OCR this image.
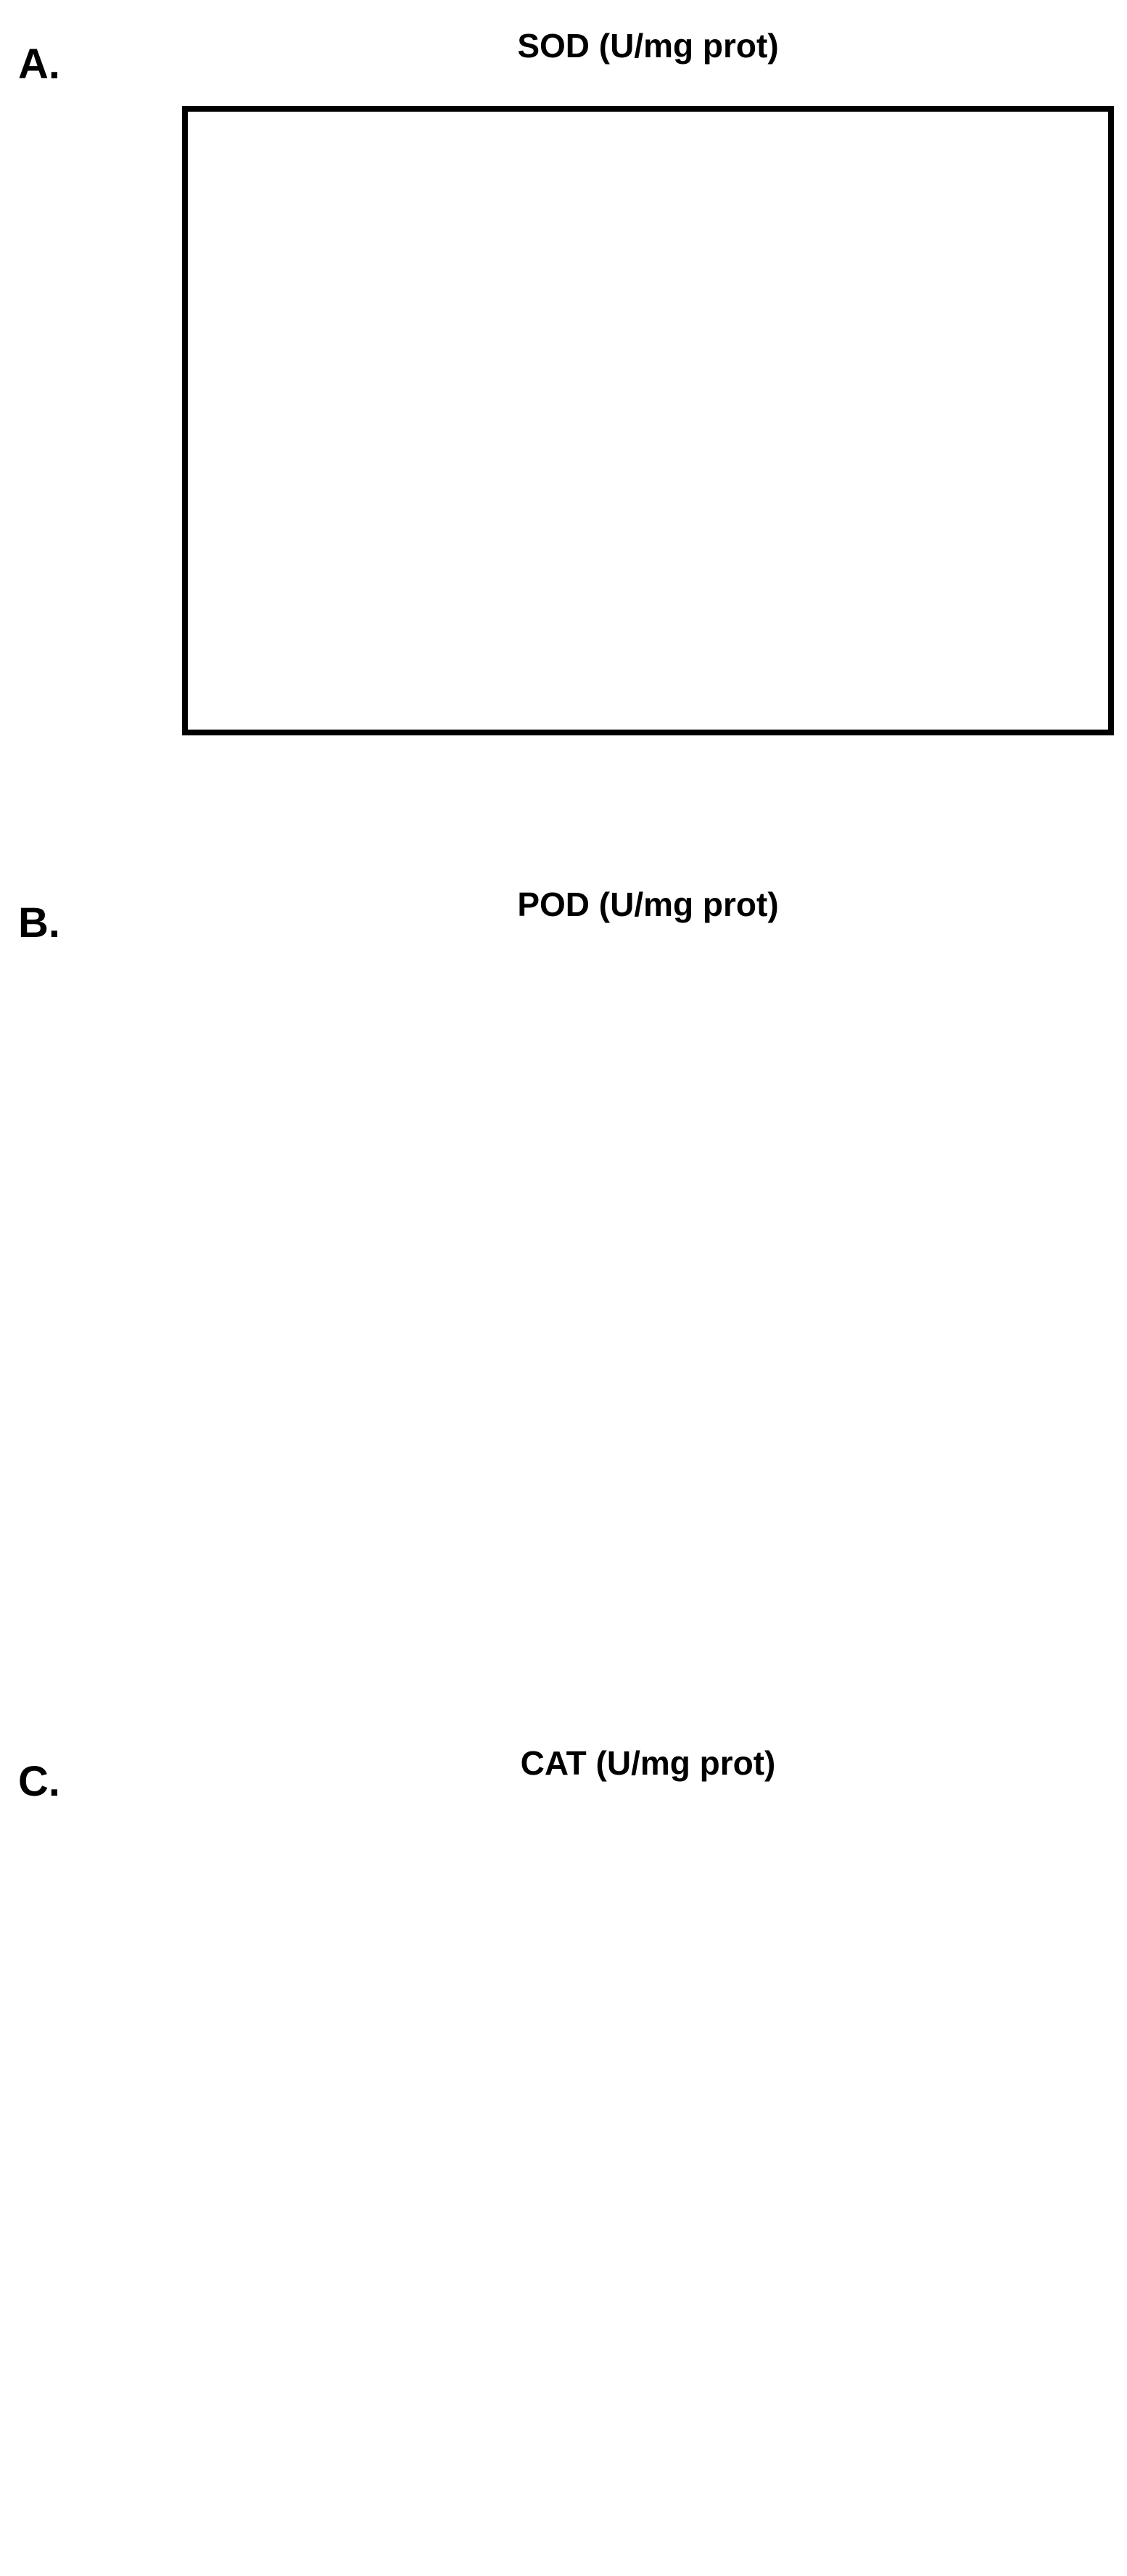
A.	SOD (U/mg prot)
B.	POD (U/mg prot)
C.	CAT (U/mg prot)
